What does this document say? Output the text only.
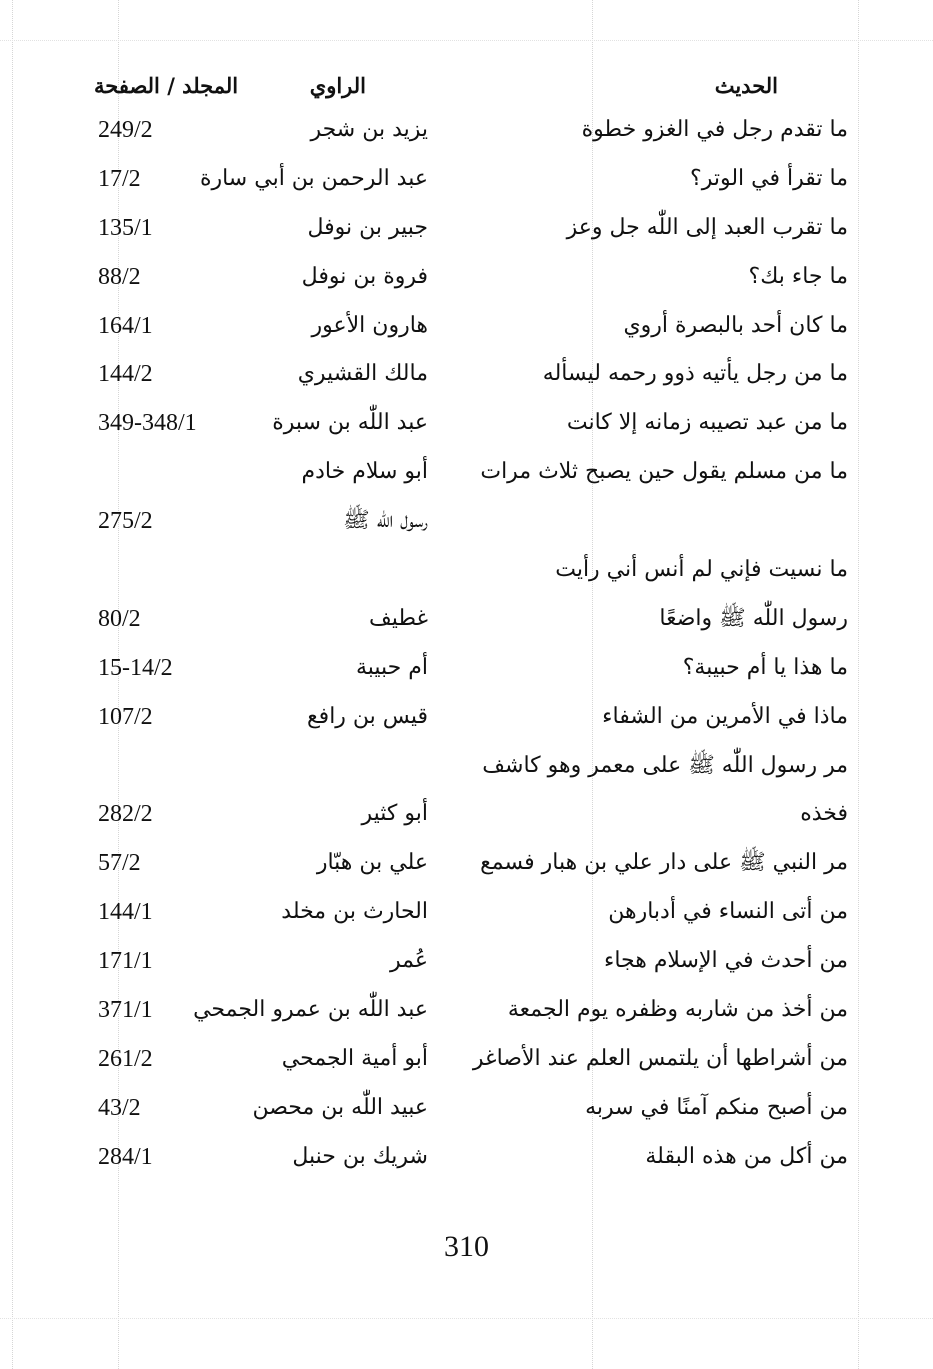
الحديث
الراوي
المجلد / الصفحة
ما تقدم رجل في الغزو خطوة
يزيد بن شجر
249/2
ما تقرأ في الوتر؟
عبد الرحمن بن أبي سارة
17/2
ما تقرب العبد إلى اللّٰه جل وعز
جبير بن نوفل
135/1
ما جاء بك؟
فروة بن نوفل
88/2
ما كان أحد بالبصرة أروي
هارون الأعور
164/1
ما من رجل يأتيه ذوو رحمه ليسأله
مالك القشيري
144/2
ما من عبد تصيبه زمانه إلا كانت
عبد اللّٰه بن سبرة
349-348/1
ما من مسلم يقول حين يصبح ثلاث مرات
أبو سلام خادم
رسول اللّٰه ﷺ
275/2
ما نسيت فإني لم أنس أني رأيت
رسول اللّٰه ﷺ واضعًا
غطيف
80/2
ما هذا يا أم حبيبة؟
أم حبيبة
15-14/2
ماذا في الأمرين من الشفاء
قيس بن رافع
107/2
مر رسول اللّٰه ﷺ على معمر وهو كاشف
فخذه
أبو كثير
282/2
مر النبي ﷺ على دار علي بن هبار فسمع
علي بن هبّار
57/2
من أتى النساء في أدبارهن
الحارث بن مخلد
144/1
من أحدث في الإسلام هجاء
عُمر
171/1
من أخذ من شاربه وظفره يوم الجمعة
عبد اللّٰه بن عمرو الجمحي
371/1
من أشراطها أن يلتمس العلم عند الأصاغر
أبو أمية الجمحي
261/2
من أصبح منكم آمنًا في سربه
عبيد اللّٰه بن محصن
43/2
من أكل من هذه البقلة
شريك بن حنبل
284/1
310
